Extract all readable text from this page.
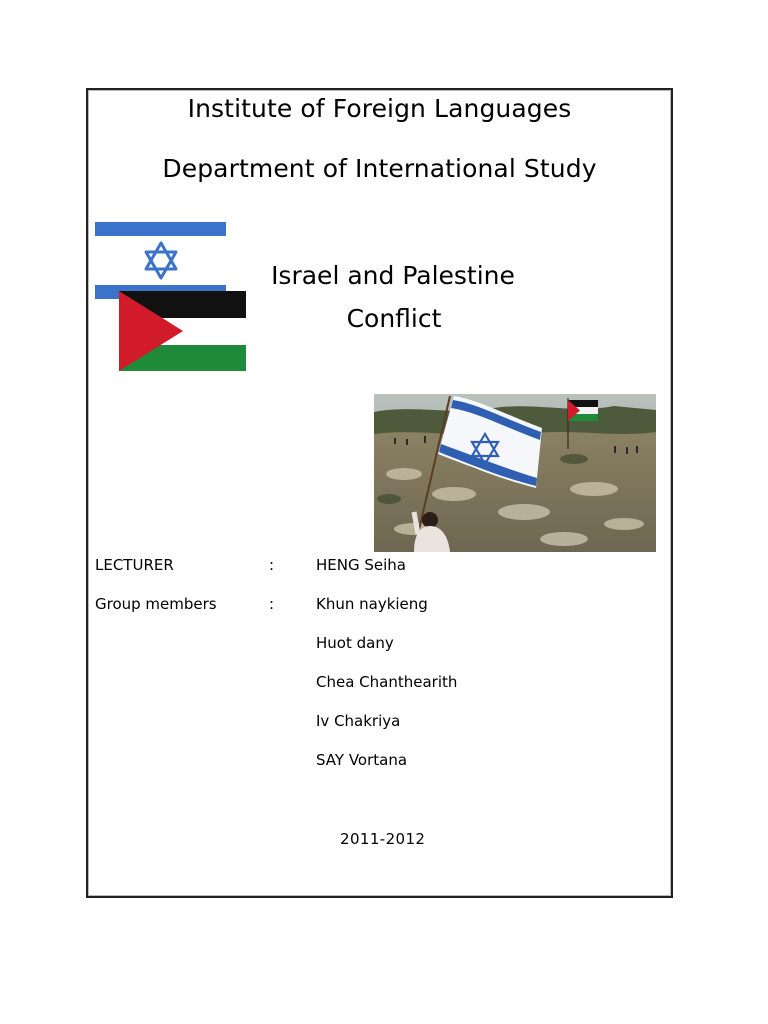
Institute of Foreign Languages
Department of International Study
Israel and Palestine
Conflict
LECTURER	:	HENG Seiha
Group members	:	Khun naykieng
Huot dany
Chea Chanthearith
Iv Chakriya
SAY Vortana
2011-2012
